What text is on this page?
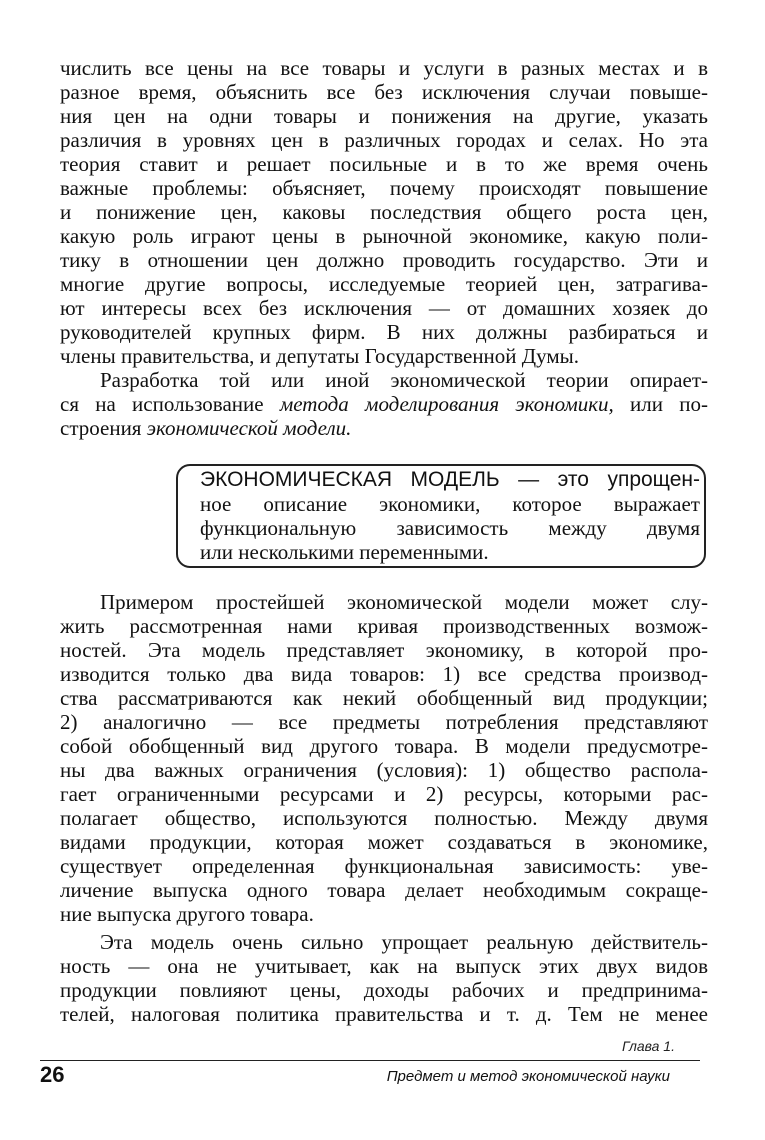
числить все цены на все товары и услуги в разных местах и в
разное время, объяснить все без исключения случаи повыше-
ния цен на одни товары и понижения на другие, указать
различия в уровнях цен в различных городах и селах. Но эта
теория ставит и решает посильные и в то же время очень
важные проблемы: объясняет, почему происходят повышение
и понижение цен, каковы последствия общего роста цен,
какую роль играют цены в рыночной экономике, какую поли-
тику в отношении цен должно проводить государство. Эти и
многие другие вопросы, исследуемые теорией цен, затрагива-
ют интересы всех без исключения — от домашних хозяек до
руководителей крупных фирм. В них должны разбираться и
члены правительства, и депутаты Государственной Думы.
Разработка той или иной экономической теории опирает-
ся на использование метода моделирования экономики, или по-
строения экономической модели.
ЭКОНОМИЧЕСКАЯ МОДЕЛЬ — это упрощен-
ное описание экономики, которое выражает
функциональную зависимость между двумя
или несколькими переменными.
Примером простейшей экономической модели может слу-
жить рассмотренная нами кривая производственных возмож-
ностей. Эта модель представляет экономику, в которой про-
изводится только два вида товаров: 1) все средства производ-
ства рассматриваются как некий обобщенный вид продукции;
2) аналогично — все предметы потребления представляют
собой обобщенный вид другого товара. В модели предусмотре-
ны два важных ограничения (условия): 1) общество распола-
гает ограниченными ресурсами и 2) ресурсы, которыми рас-
полагает общество, используются полностью. Между двумя
видами продукции, которая может создаваться в экономике,
существует определенная функциональная зависимость: уве-
личение выпуска одного товара делает необходимым сокраще-
ние выпуска другого товара.
Эта модель очень сильно упрощает реальную действитель-
ность — она не учитывает, как на выпуск этих двух видов
продукции повлияют цены, доходы рабочих и предпринима-
телей, налоговая политика правительства и т. д. Тем не менее
Глава 1.
26	Предмет и метод экономической науки
